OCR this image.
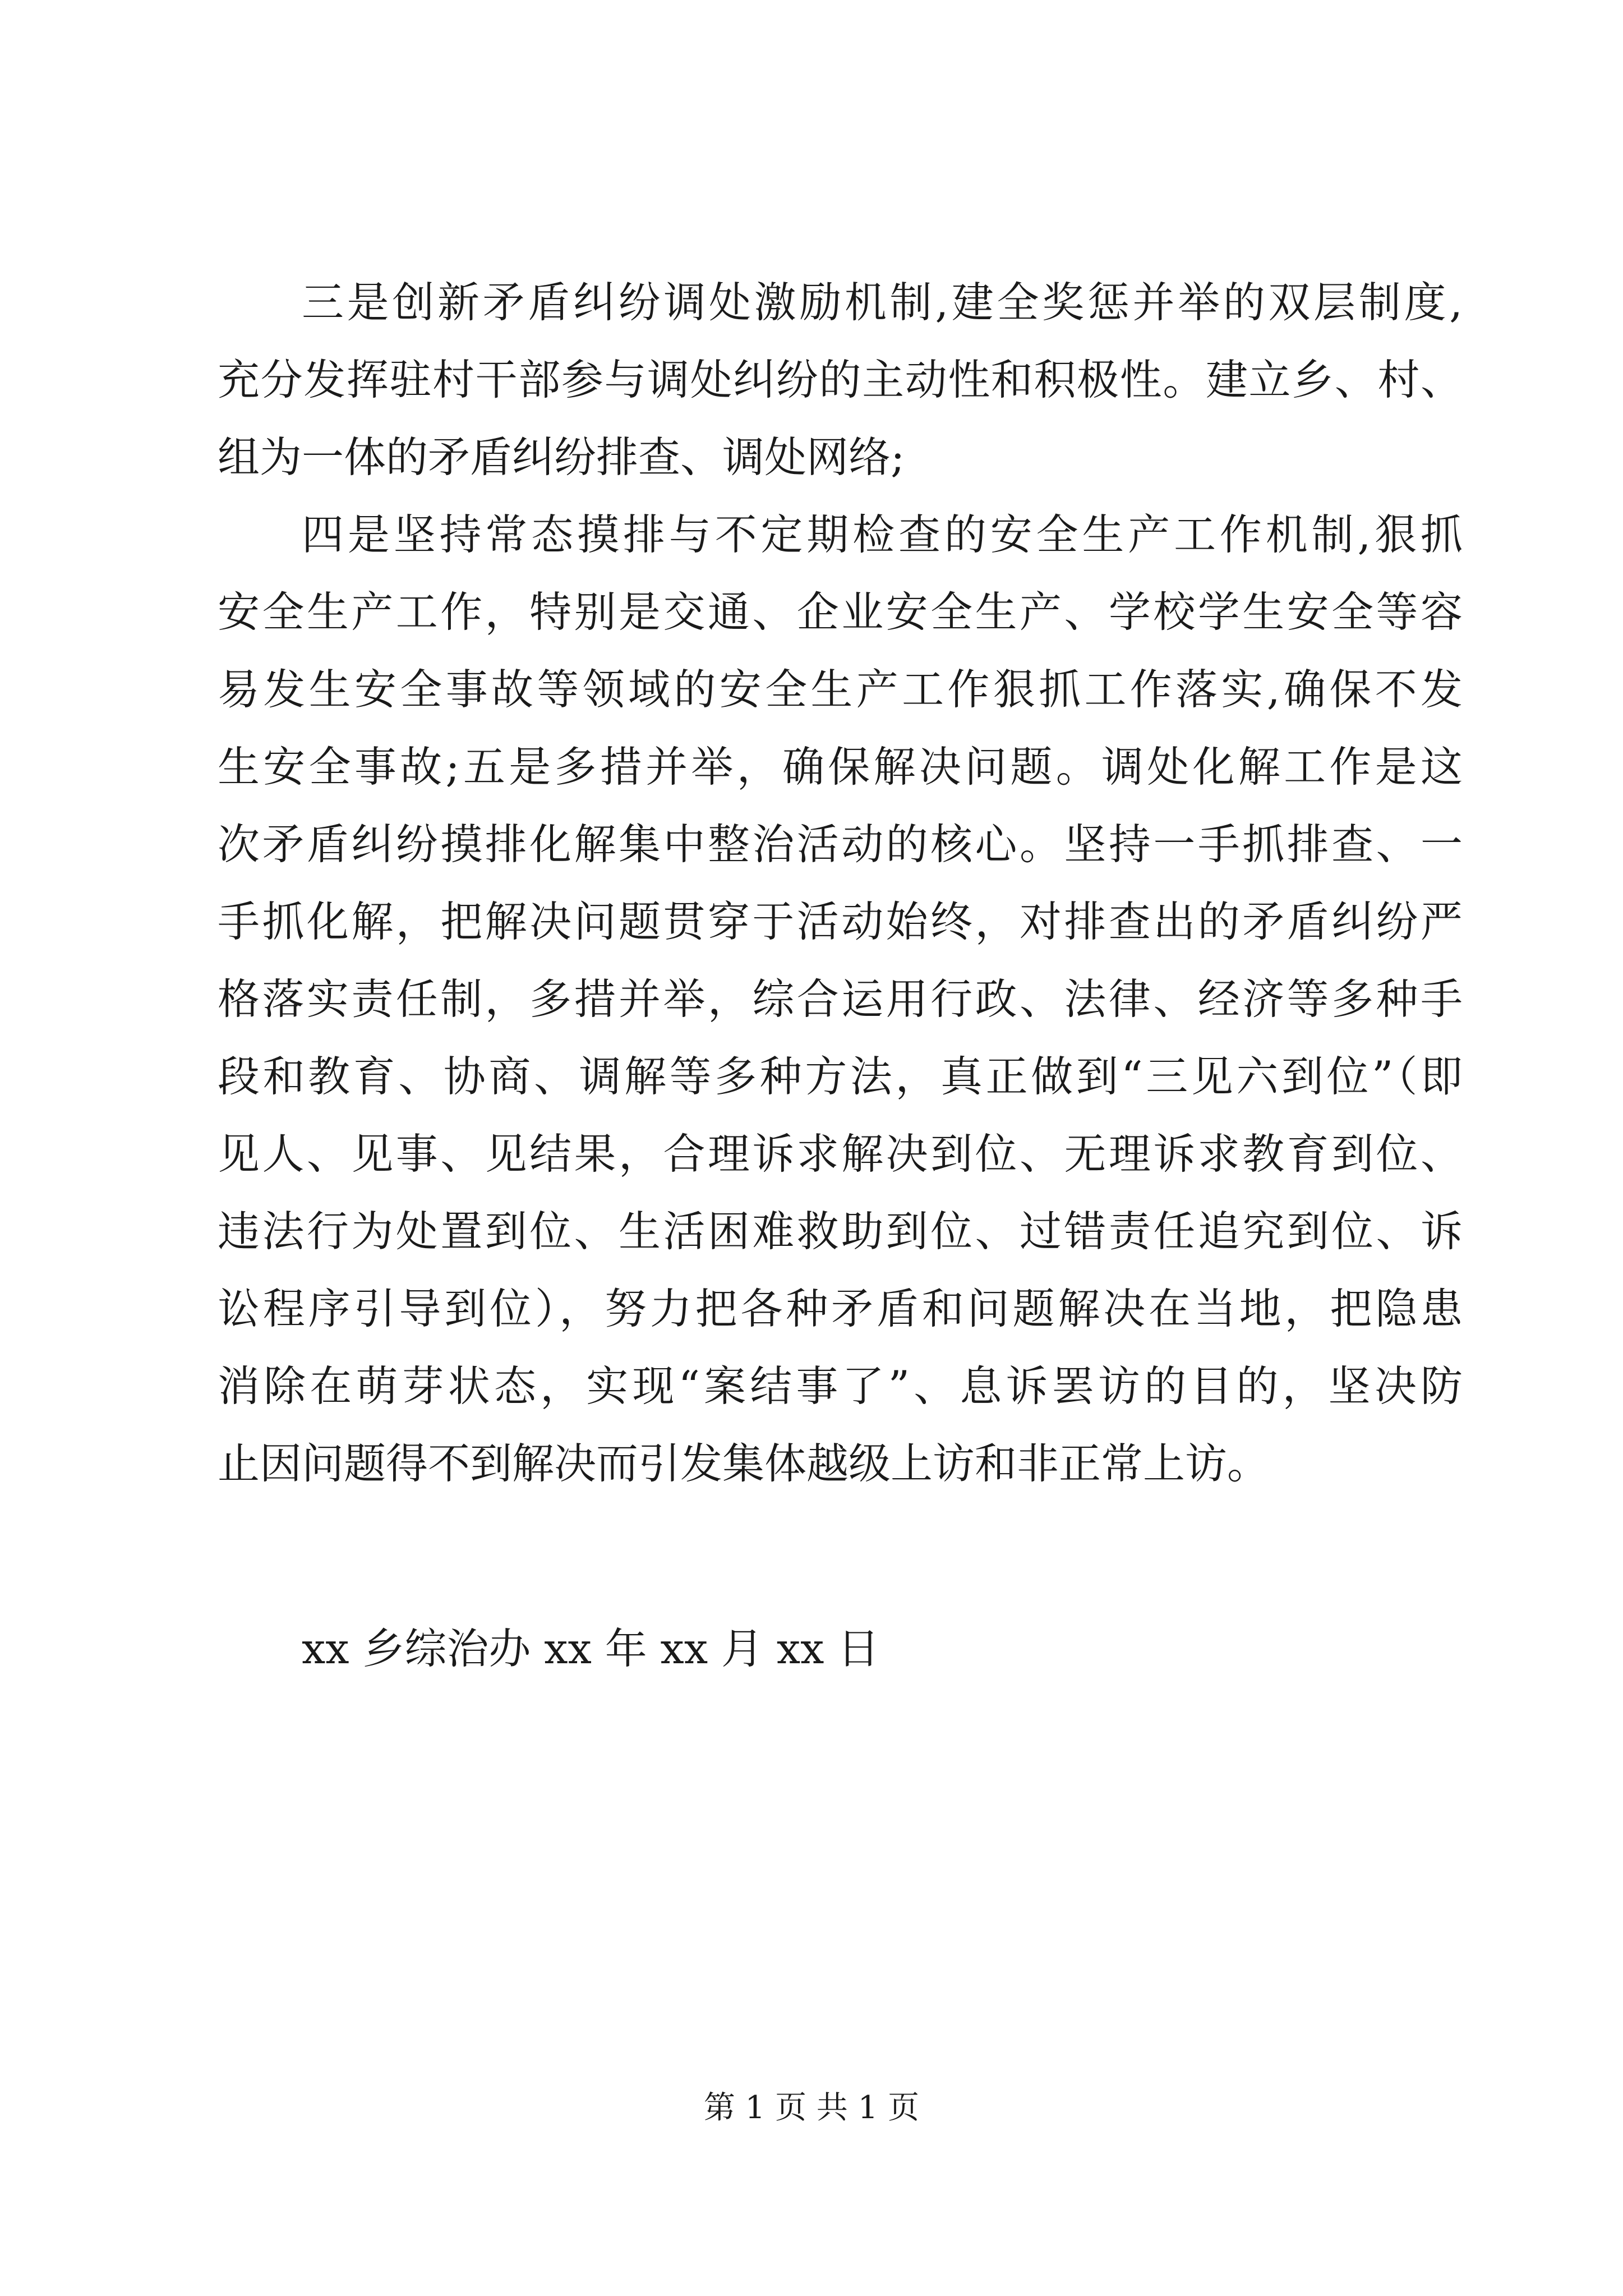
三是创新矛盾纠纷调处激励机制,建全奖惩并举的双层制度,
充分发挥驻村干部参与调处纠纷的主动性和积极性。建立乡、村、
组为一体的矛盾纠纷排查、调处网络;
四是坚持常态摸排与不定期检查的安全生产工作机制,狠抓
安全生产工作，特别是交通、企业安全生产、学校学生安全等容
易发生安全事故等领域的安全生产工作狠抓工作落实,确保不发
生安全事故;五是多措并举，确保解决问题。调处化解工作是这
次矛盾纠纷摸排化解集中整治活动的核心。坚持一手抓排查、一
手抓化解，把解决问题贯穿于活动始终，对排查出的矛盾纠纷严
格落实责任制，多措并举，综合运用行政、法律、经济等多种手
段和教育、协商、调解等多种方法，真正做到“三见六到位”（即
见人、见事、见结果，合理诉求解决到位、无理诉求教育到位、
违法行为处置到位、生活困难救助到位、过错责任追究到位、诉
讼程序引导到位），努力把各种矛盾和问题解决在当地，把隐患
消除在萌芽状态，实现“案结事了”、息诉罢访的目的，坚决防
止因问题得不到解决而引发集体越级上访和非正常上访。
xx 乡综治办 xx 年 xx 月 xx 日
第 1 页 共 1 页
